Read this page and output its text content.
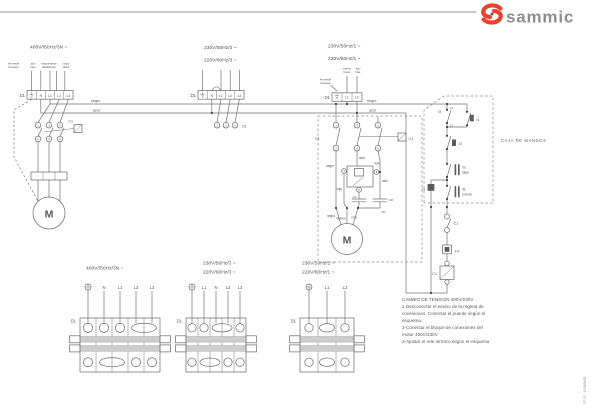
sammic
negro
azul
negro
azul
400V//50Hz/3N ~
Am-verde
Yel-green
azul
blue
negro/marron
black/brown
negro
black
N L1 L2 L3
D1
1	3	5
2	4	6
C1
M
230V/50Hz/3 ~
220V/60Hz/3 ~
N L1 L2 L3
D1
1	3	5 C1
230V/50Hz/1 ~
220V/60Hz/1 ~
marron
brown
azul
blue
Am-verde
Yel-green
L1 L2
D1
1	3	5
2	4	6
C1	C1
negro
azul
KA
3	4
2
azul
rojo
CA
CM
rojo
negro
blanco rojo
M
CAJA DE MANDOS
I3
21
22
I1
I2
IS
tapa
IB
puerta
H
C1
T4
C1
CAMBIO DE TENSION 400V/230V
1.Desconectar el neutro de la regleta de
conexiones. Conectar el puente según el
esquema.
2-Conectar el bloque de conexiones del
motor 400V/230V
3-Ajustar el rele termico según el esquema
400V//50Hz/3N ~
N	L1	L2	L3
D1
230V/50Hz/3 ~
220V/60Hz/3 ~
L1 N L2 L3
D1
230V/50Hz/1 ~
220V/60Hz/1 ~
L1	L2
D1
07-07 - 2005/9431
